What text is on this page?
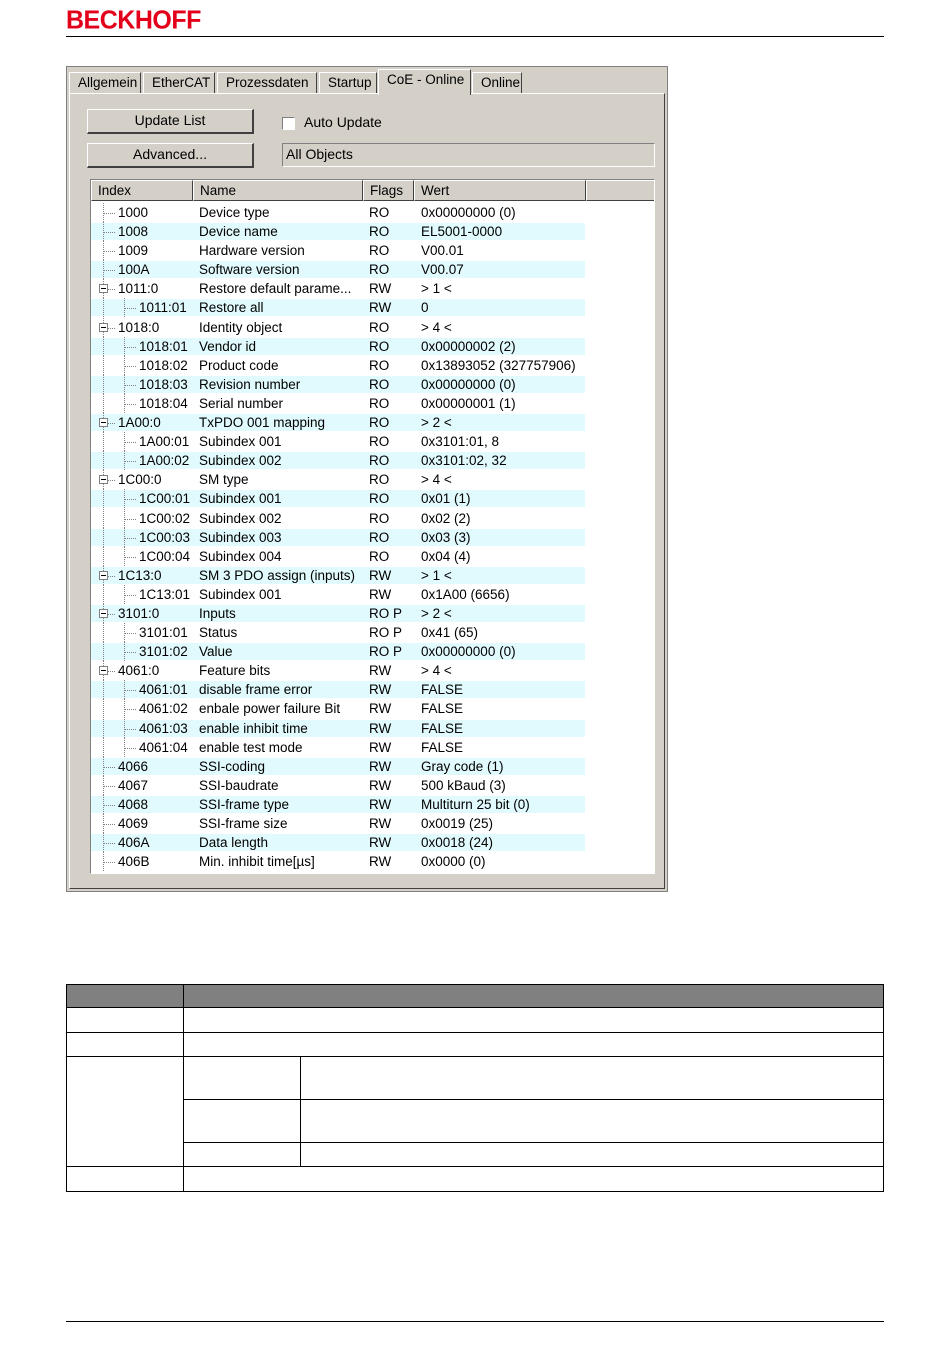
BECKHOFF
Allgemein	EtherCAT	Prozessdaten	Startup	CoE - Online	Online
Update List
Advanced...
Auto Update
All Objects
Index	Name	Flags	Wert
1000	Device type	RO 0x00000000 (0)
1008	Device name	RO EL5001-0000
1009	Hardware version	RO V00.01
100A	Software version	RO V00.07
1011:0	Restore default parame... RW > 1 <
1011:01 Restore all	RW 0
1018:0	Identity object	RO > 4 <
1018:01 Vendor id	RO 0x00000002 (2)
1018:02 Product code	RO 0x13893052 (327757906)
1018:03 Revision number	RO 0x00000000 (0)
1018:04 Serial number	RO 0x00000001 (1)
1A00:0	TxPDO 001 mapping	RO > 2 <
1A00:01 Subindex 001	RO 0x3101:01, 8
1A00:02 Subindex 002	RO 0x3101:02, 32
1C00:0	SM type	RO > 4 <
1C00:01 Subindex 001	RO 0x01 (1)
1C00:02 Subindex 002	RO 0x02 (2)
1C00:03 Subindex 003	RO 0x03 (3)
1C00:04 Subindex 004	RO 0x04 (4)
1C13:0	SM 3 PDO assign (inputs) RW > 1 <
1C13:01 Subindex 001	RW 0x1A00 (6656)
3101:0	Inputs	RO P > 2 <
3101:01 Status	RO P 0x41 (65)
3101:02 Value	RO P 0x00000000 (0)
4061:0	Feature bits	RW > 4 <
4061:01 disable frame error	RW FALSE
4061:02 enbale power failure Bit RW FALSE
4061:03 enable inhibit time	RW FALSE
4061:04 enable test mode	RW FALSE
4066	SSI-coding	RW Gray code (1)
4067	SSI-baudrate	RW 500 kBaud (3)
4068	SSI-frame type	RW Multiturn 25 bit (0)
4069	SSI-frame size	RW 0x0019 (25)
406A	Data length	RW 0x0018 (24)
406B	Min. inhibit time[µs]	RW 0x0000 (0)
